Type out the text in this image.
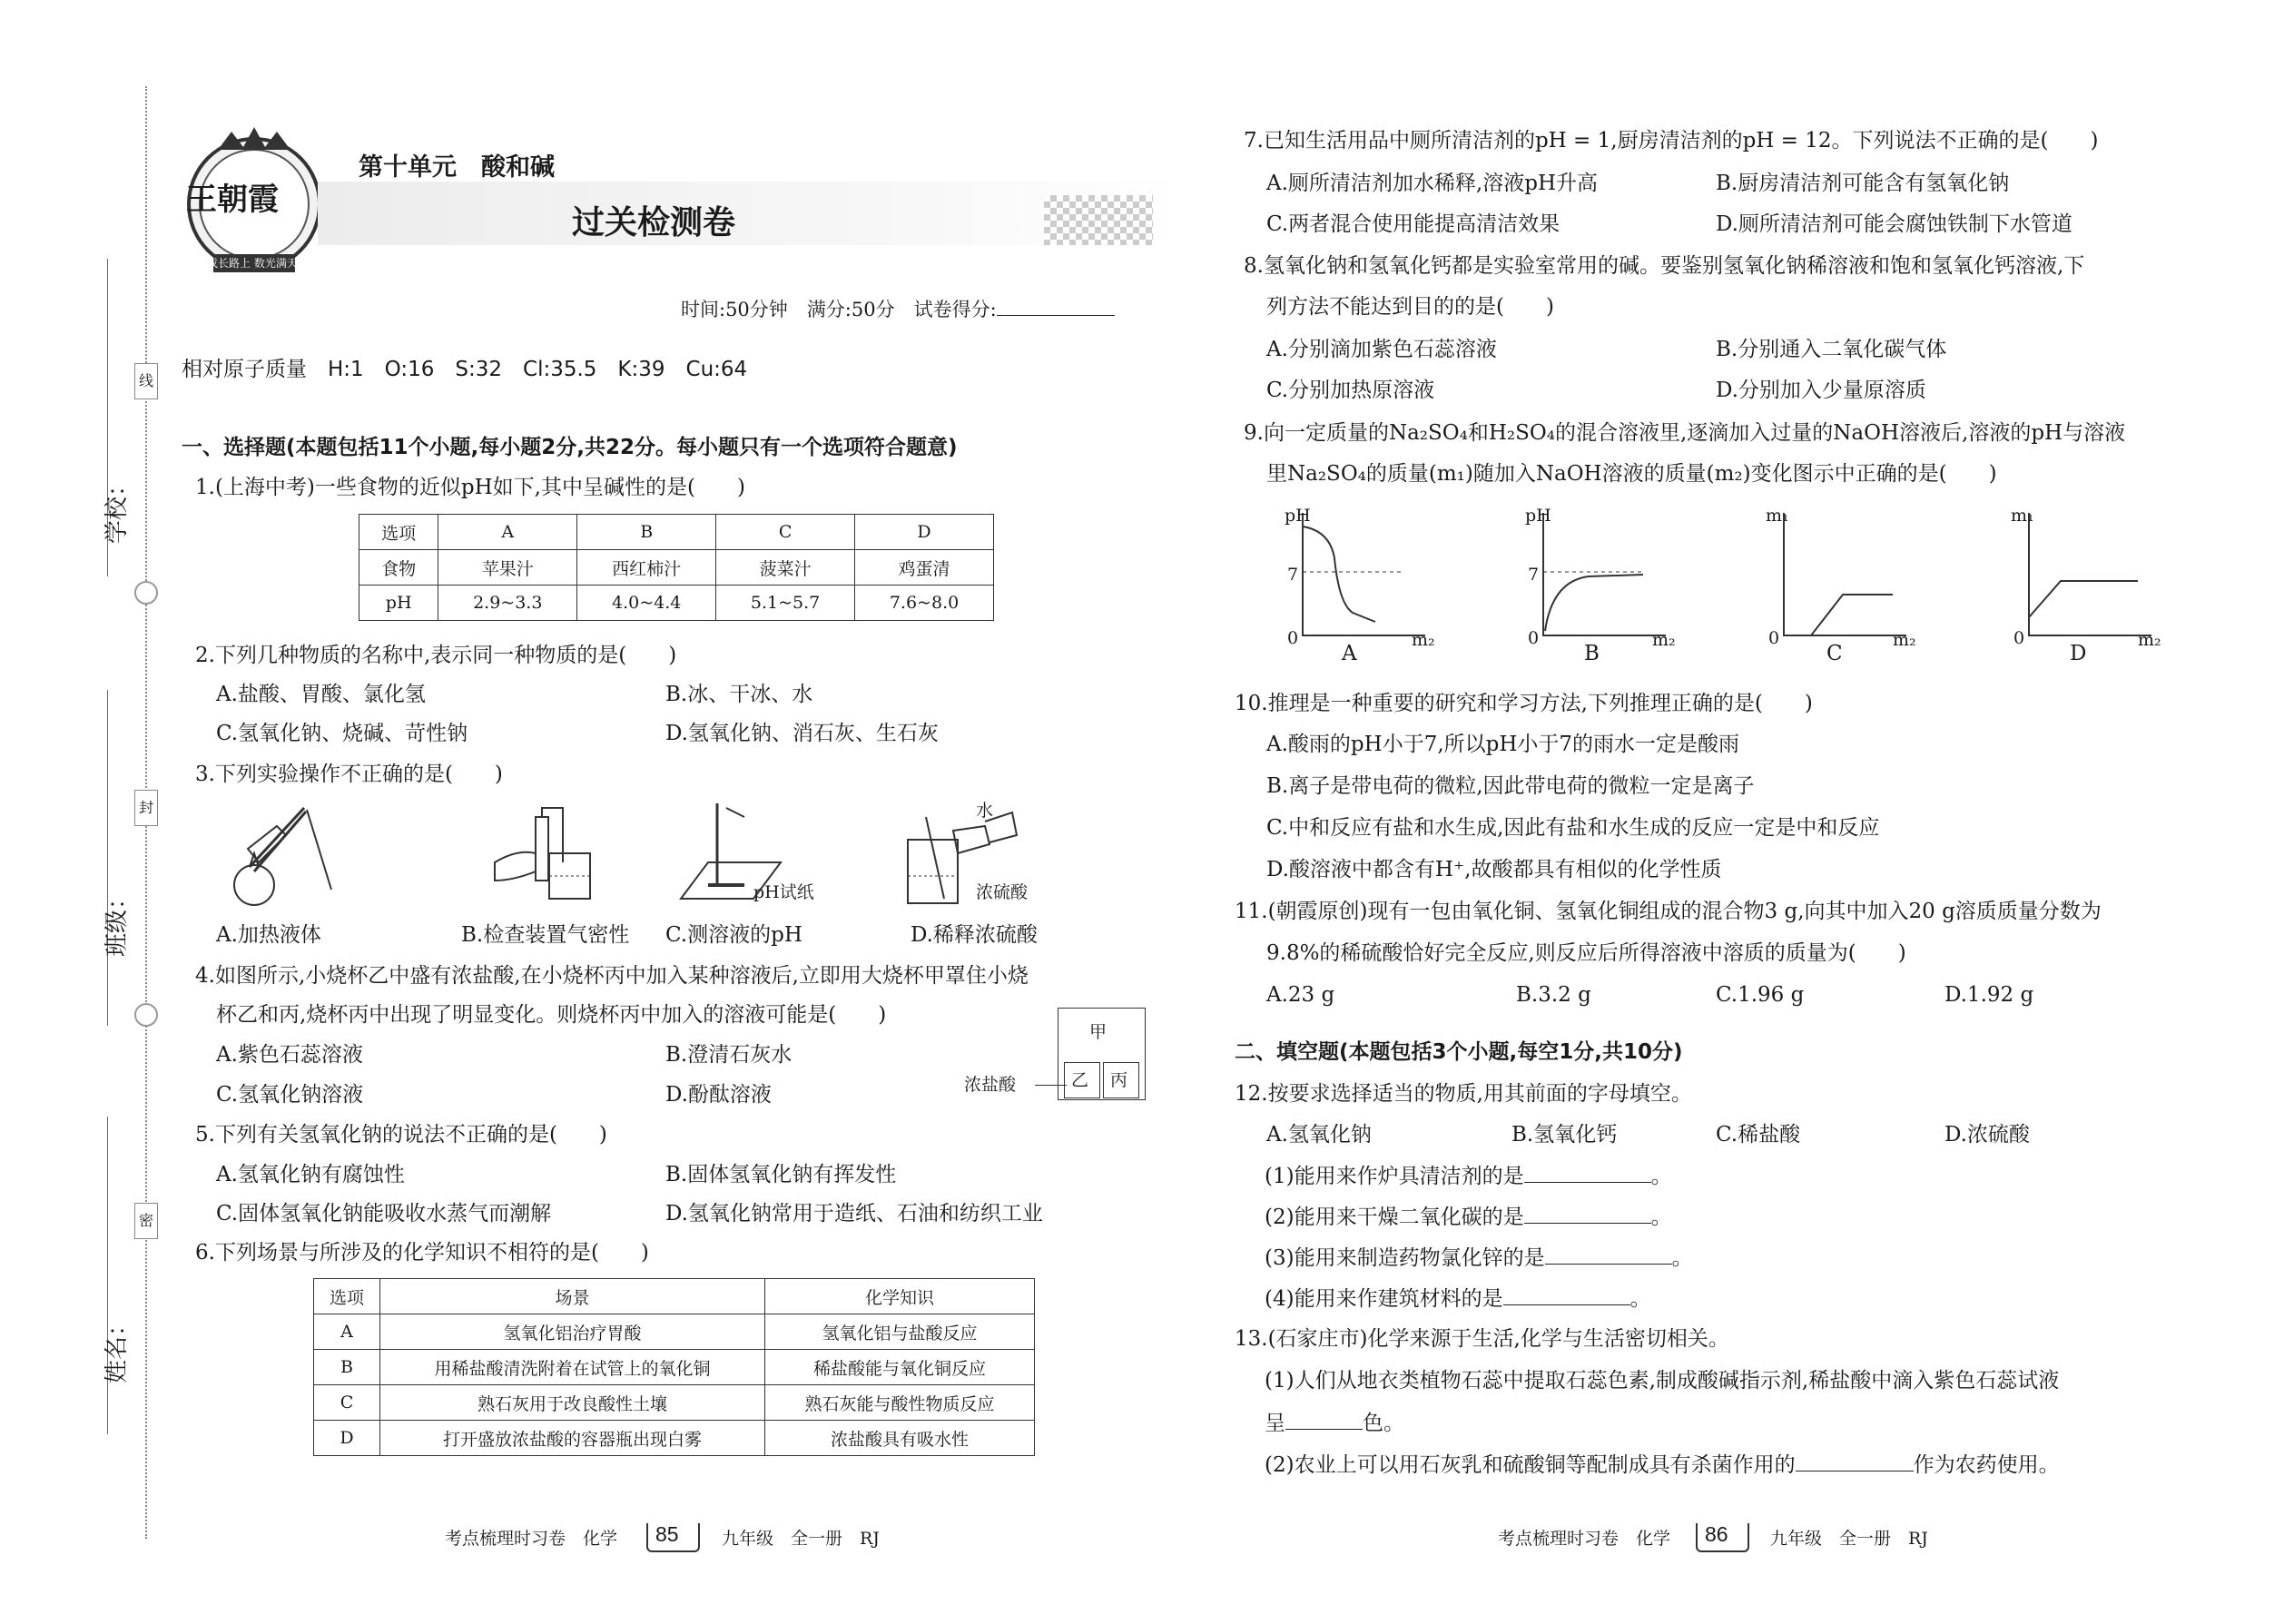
学校：
班级：
姓名：
线
封
密
王朝霞
成长路上 数光满天
第十单元　酸和碱
过关检测卷
时间:50分钟　满分:50分　试卷得分:
相对原子质量　H:1　O:16　S:32　Cl:35.5　K:39　Cu:64
一、选择题(本题包括11个小题,每小题2分,共22分。每小题只有一个选项符合题意)
1.(上海中考)一些食物的近似pH如下,其中呈碱性的是(　　)
选项	A	B	C	D
食物	苹果汁	西红柿汁	菠菜汁	鸡蛋清
pH	2.9~3.3	4.0~4.4	5.1~5.7	7.6~8.0
2.下列几种物质的名称中,表示同一种物质的是(　　)
A.盐酸、胃酸、氯化氢	B.冰、干冰、水
C.氢氧化钠、烧碱、苛性钠	D.氢氧化钠、消石灰、生石灰
3.下列实验操作不正确的是(　　)
pH试纸
水
浓硫酸
A.加热液体	B.检查装置气密性 C.测溶液的pH	D.稀释浓硫酸
4.如图所示,小烧杯乙中盛有浓盐酸,在小烧杯丙中加入某种溶液后,立即用大烧杯甲罩住小烧
杯乙和丙,烧杯丙中出现了明显变化。则烧杯丙中加入的溶液可能是(　　)
A.紫色石蕊溶液	B.澄清石灰水
C.氢氧化钠溶液	D.酚酞溶液
甲
乙 丙
浓盐酸
5.下列有关氢氧化钠的说法不正确的是(　　)
A.氢氧化钠有腐蚀性	B.固体氢氧化钠有挥发性
C.固体氢氧化钠能吸收水蒸气而潮解	D.氢氧化钠常用于造纸、石油和纺织工业
6.下列场景与所涉及的化学知识不相符的是(　　)
选项	场景	化学知识
A	氢氧化铝治疗胃酸	氢氧化铝与盐酸反应
B	用稀盐酸清洗附着在试管上的氧化铜	稀盐酸能与氧化铜反应
C	熟石灰用于改良酸性土壤	熟石灰能与酸性物质反应
D	打开盛放浓盐酸的容器瓶出现白雾	浓盐酸具有吸水性
考点梳理时习卷　化学 85 九年级　全一册　RJ
7.已知生活用品中厕所清洁剂的pH = 1,厨房清洁剂的pH = 12。下列说法不正确的是(　　)
A.厕所清洁剂加水稀释,溶液pH升高	B.厨房清洁剂可能含有氢氧化钠
C.两者混合使用能提高清洁效果	D.厕所清洁剂可能会腐蚀铁制下水管道
8.氢氧化钠和氢氧化钙都是实验室常用的碱。要鉴别氢氧化钠稀溶液和饱和氢氧化钙溶液,下
列方法不能达到目的的是(　　)
A.分别滴加紫色石蕊溶液	B.分别通入二氧化碳气体
C.分别加热原溶液	D.分别加入少量原溶质
9.向一定质量的Na₂SO₄和H₂SO₄的混合溶液里,逐滴加入过量的NaOH溶液后,溶液的pH与溶液
里Na₂SO₄的质量(m₁)随加入NaOH溶液的质量(m₂)变化图示中正确的是(　　)
pH
7
0	m₂
A
pH
7
0	m₂
B
m₁
0	m₂
C
m₁
0	m₂
D
10.推理是一种重要的研究和学习方法,下列推理正确的是(　　)
A.酸雨的pH小于7,所以pH小于7的雨水一定是酸雨
B.离子是带电荷的微粒,因此带电荷的微粒一定是离子
C.中和反应有盐和水生成,因此有盐和水生成的反应一定是中和反应
D.酸溶液中都含有H⁺,故酸都具有相似的化学性质
11.(朝霞原创)现有一包由氧化铜、氢氧化铜组成的混合物3 g,向其中加入20 g溶质质量分数为
9.8%的稀硫酸恰好完全反应,则反应后所得溶液中溶质的质量为(　　)
A.23 g	B.3.2 g	C.1.96 g	D.1.92 g
二、填空题(本题包括3个小题,每空1分,共10分)
12.按要求选择适当的物质,用其前面的字母填空。
A.氢氧化钠	B.氢氧化钙	C.稀盐酸	D.浓硫酸
(1)能用来作炉具清洁剂的是	。
(2)能用来干燥二氧化碳的是	。
(3)能用来制造药物氯化锌的是	。
(4)能用来作建筑材料的是	。
13.(石家庄市)化学来源于生活,化学与生活密切相关。
(1)人们从地衣类植物石蕊中提取石蕊色素,制成酸碱指示剂,稀盐酸中滴入紫色石蕊试液
呈	色。
(2)农业上可以用石灰乳和硫酸铜等配制成具有杀菌作用的	作为农药使用。
考点梳理时习卷　化学 86 九年级　全一册　RJ
